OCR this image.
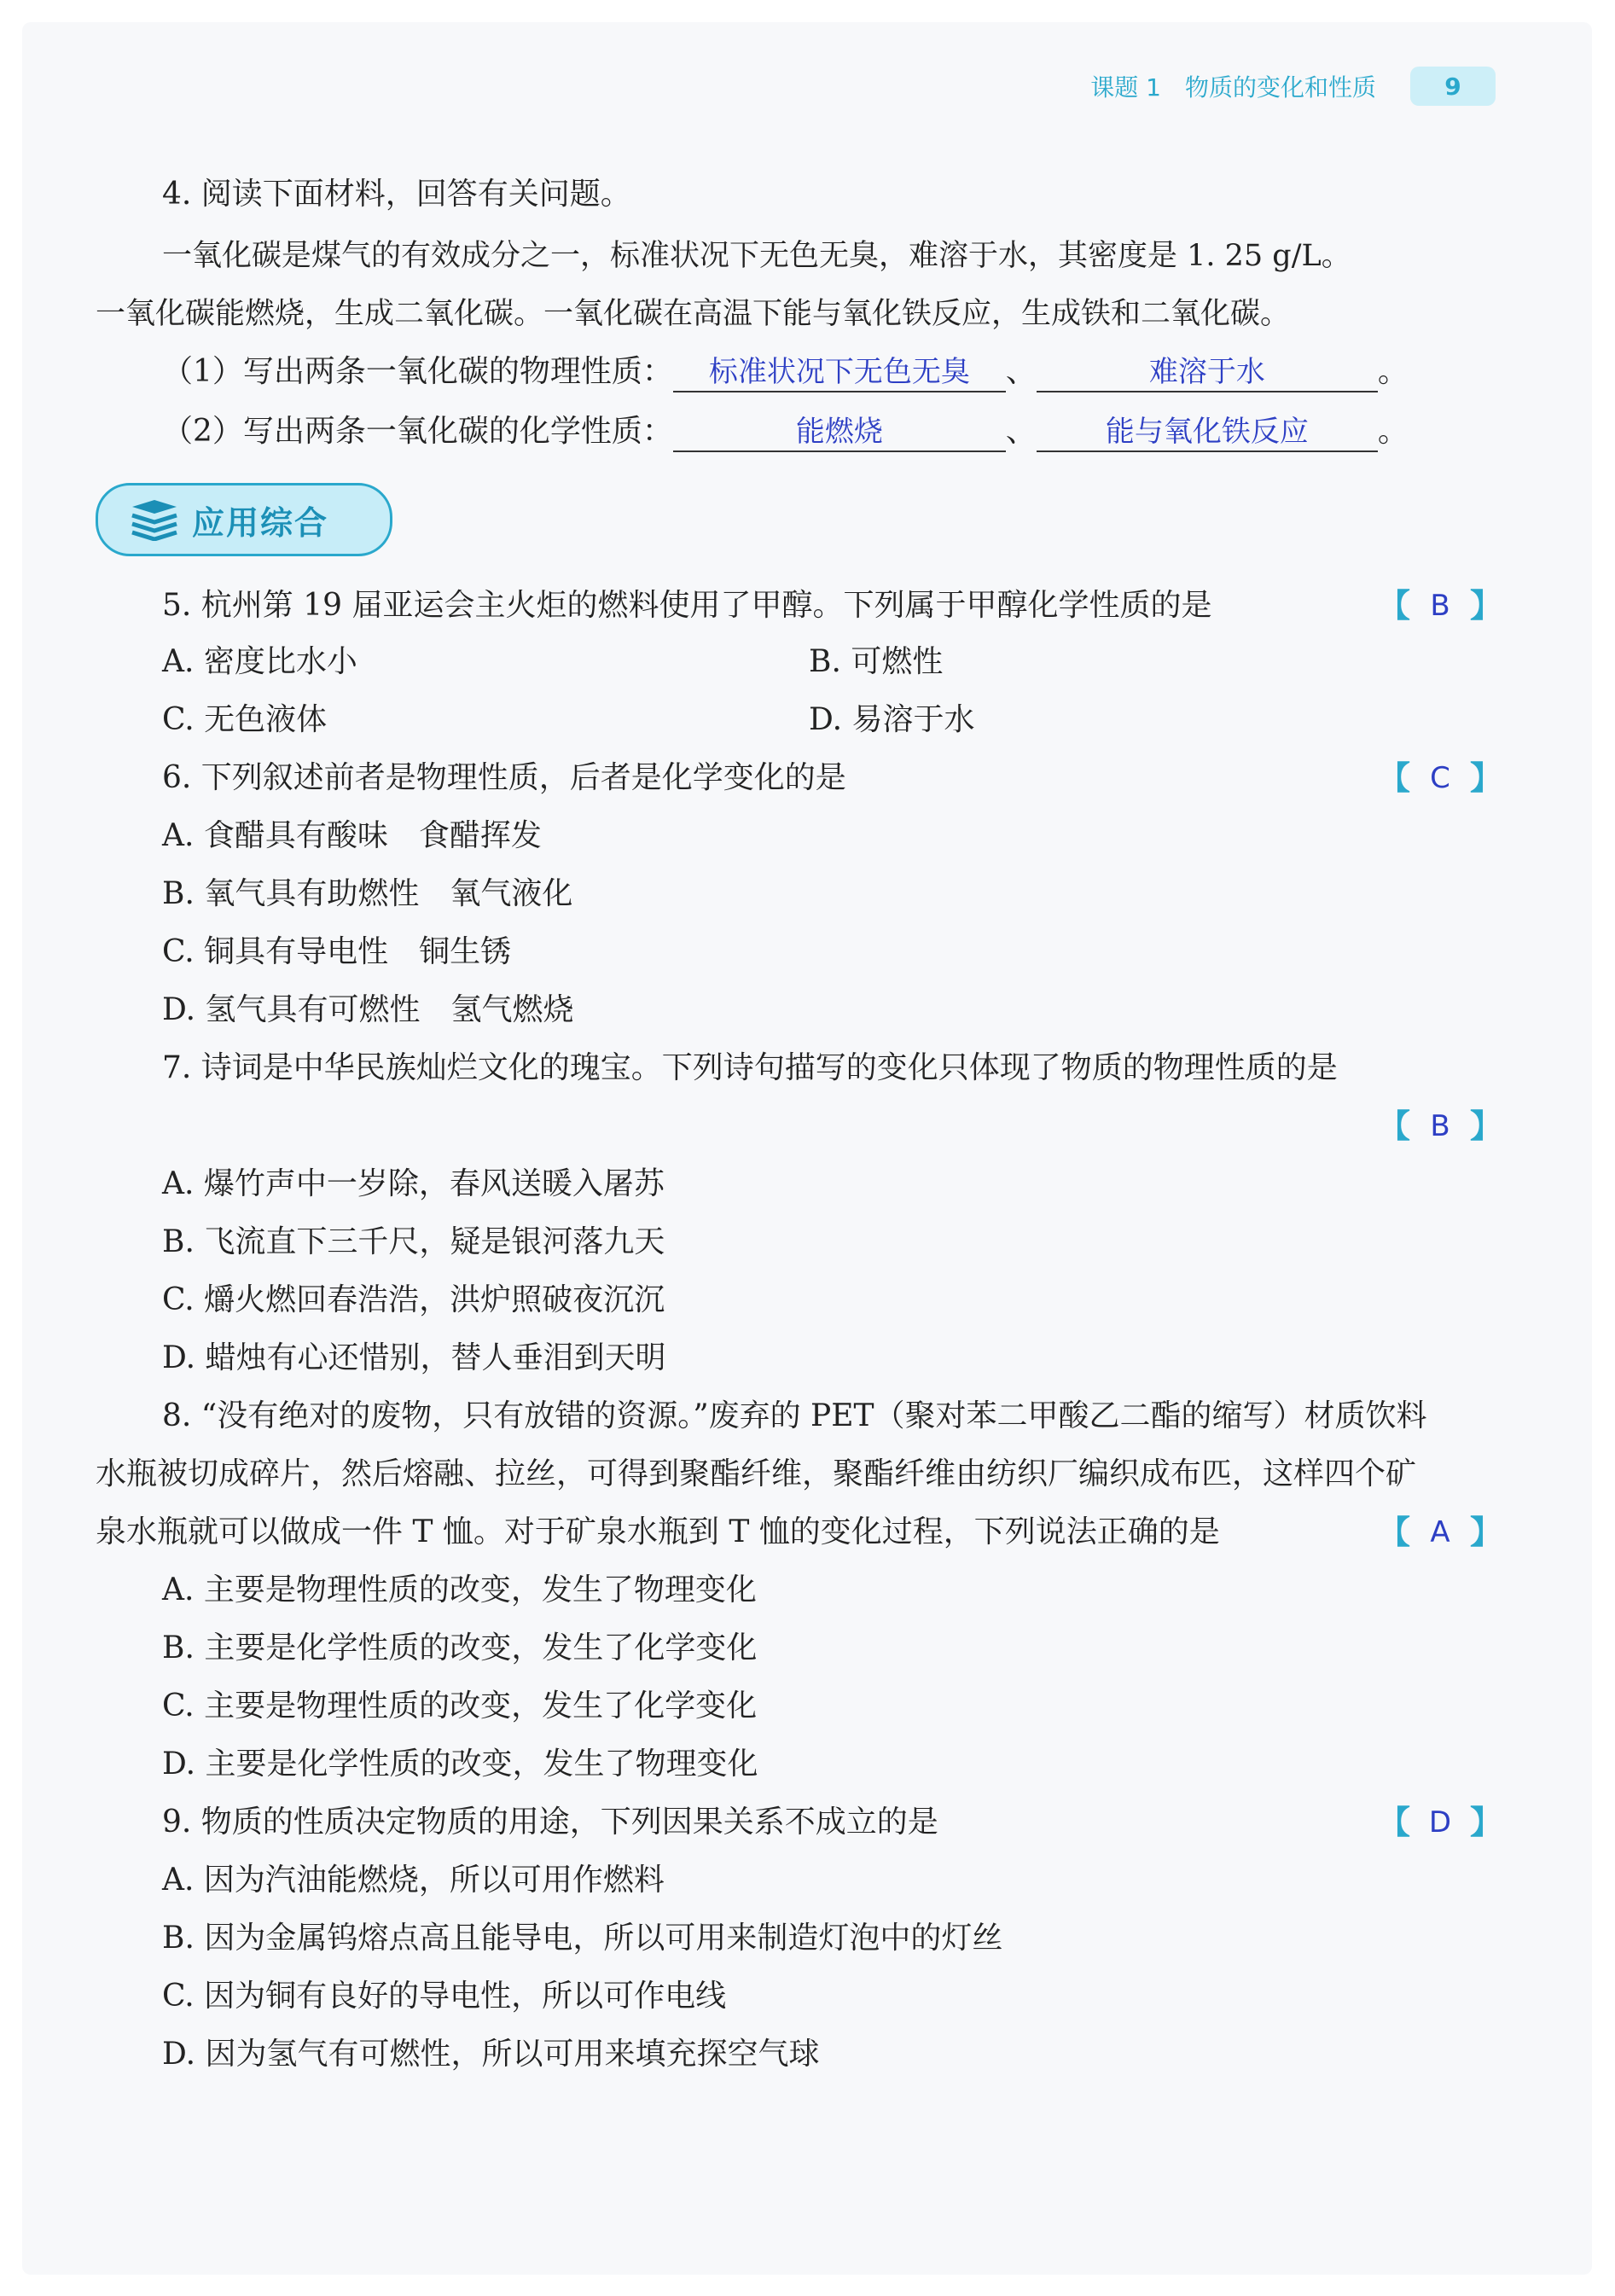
课题 1　物质的变化和性质	9
4. 阅读下面材料，回答有关问题。
一氧化碳是煤气的有效成分之一，标准状况下无色无臭，难溶于水，其密度是 1. 25 g/L。
一氧化碳能燃烧，生成二氧化碳。一氧化碳在高温下能与氧化铁反应，生成铁和二氧化碳。
（1）写出两条一氧化碳的物理性质： 标准状况下无色无臭 、	难溶于水	。
（2）写出两条一氧化碳的化学性质：	能燃烧	、 能与氧化铁反应 。
应用综合
5. 杭州第 19 届亚运会主火炬的燃料使用了甲醇。下列属于甲醇化学性质的是	【 B 】
A. 密度比水小	B. 可燃性
C. 无色液体	D. 易溶于水
6. 下列叙述前者是物理性质，后者是化学变化的是	【 C 】
A. 食醋具有酸味　食醋挥发
B. 氧气具有助燃性　氧气液化
C. 铜具有导电性　铜生锈
D. 氢气具有可燃性　氢气燃烧
7. 诗词是中华民族灿烂文化的瑰宝。下列诗句描写的变化只体现了物质的物理性质的是
【 B 】
A. 爆竹声中一岁除，春风送暖入屠苏
B. 飞流直下三千尺，疑是银河落九天
C. 爝火燃回春浩浩，洪炉照破夜沉沉
D. 蜡烛有心还惜别，替人垂泪到天明
8. “没有绝对的废物，只有放错的资源。”废弃的 PET（聚对苯二甲酸乙二酯的缩写）材质饮料
水瓶被切成碎片，然后熔融、拉丝，可得到聚酯纤维，聚酯纤维由纺织厂编织成布匹，这样四个矿
泉水瓶就可以做成一件 T 恤。对于矿泉水瓶到 T 恤的变化过程，下列说法正确的是	【 A 】
A. 主要是物理性质的改变，发生了物理变化
B. 主要是化学性质的改变，发生了化学变化
C. 主要是物理性质的改变，发生了化学变化
D. 主要是化学性质的改变，发生了物理变化
9. 物质的性质决定物质的用途，下列因果关系不成立的是	【 D 】
A. 因为汽油能燃烧，所以可用作燃料
B. 因为金属钨熔点高且能导电，所以可用来制造灯泡中的灯丝
C. 因为铜有良好的导电性，所以可作电线
D. 因为氢气有可燃性，所以可用来填充探空气球
